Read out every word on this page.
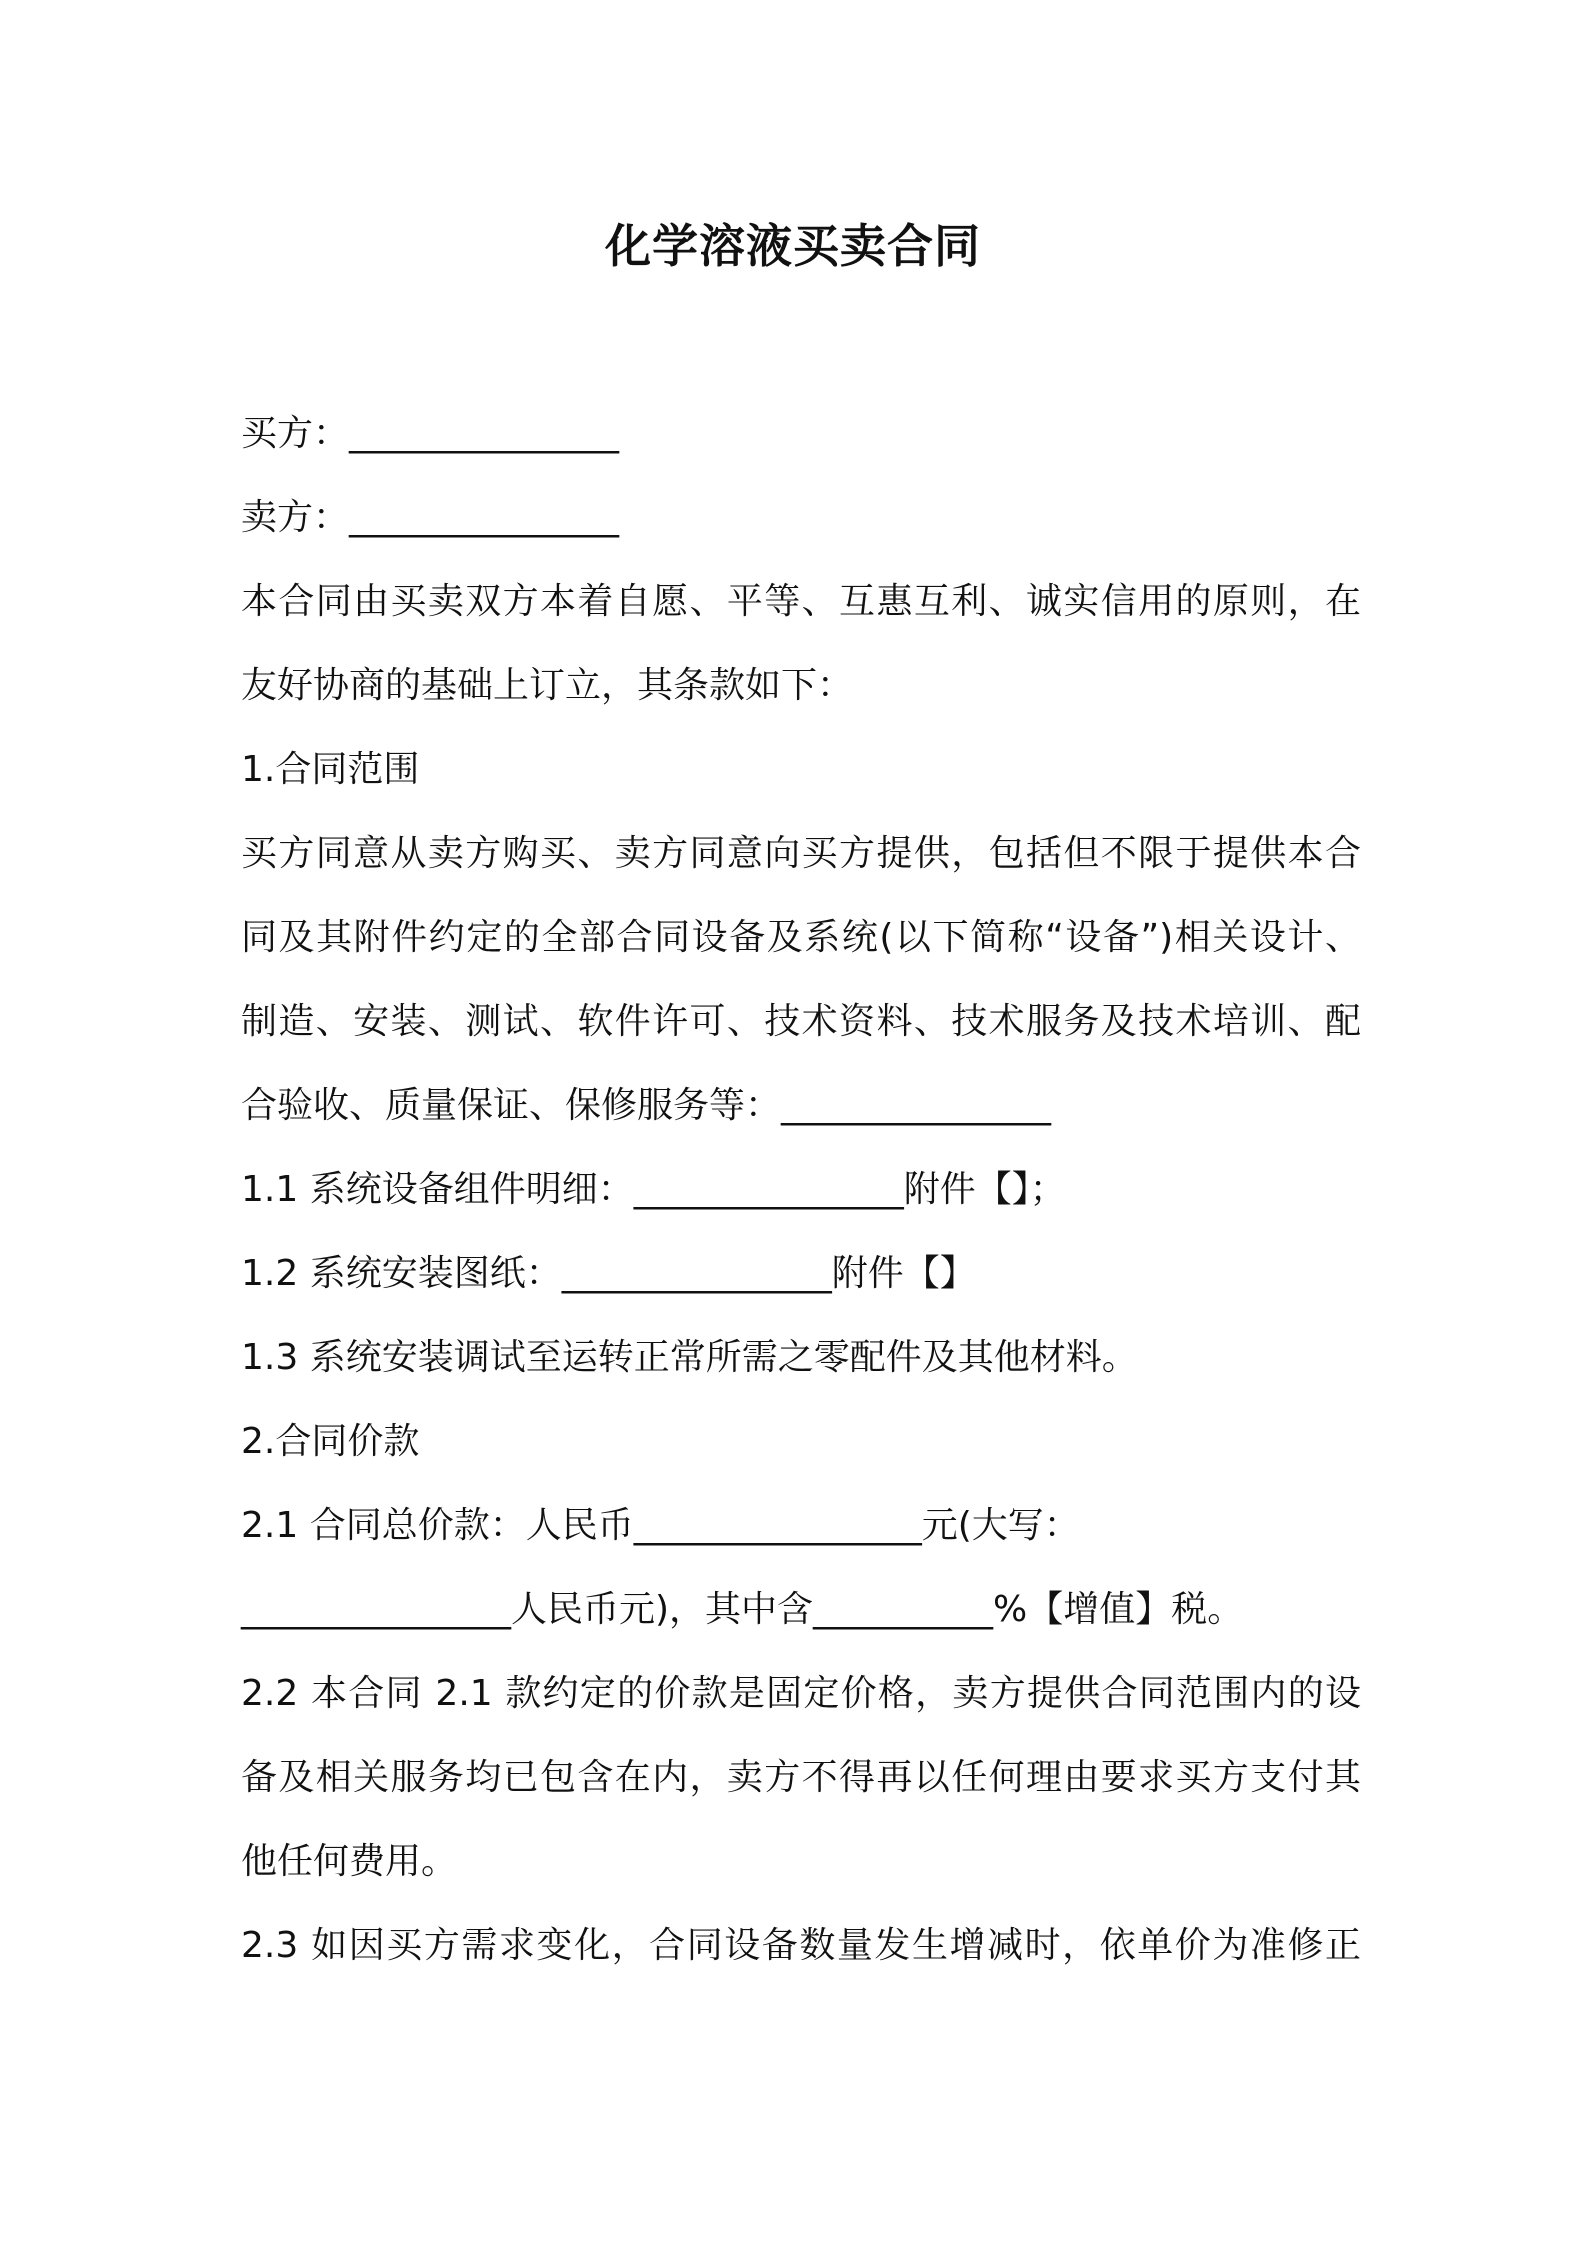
化学溶液买卖合同
买方：_______________
卖方：_______________
本合同由买卖双方本着自愿、平等、互惠互利、诚实信用的原则，在
友好协商的基础上订立，其条款如下：
1.合同范围
买方同意从卖方购买、卖方同意向买方提供，包括但不限于提供本合
同及其附件约定的全部合同设备及系统(以下简称“设备”)相关设计、
制造、安装、测试、软件许可、技术资料、技术服务及技术培训、配
合验收、质量保证、保修服务等：_______________
1.1 系统设备组件明细：_______________附件【】；
1.2 系统安装图纸：_______________附件【】
1.3 系统安装调试至运转正常所需之零配件及其他材料。
2.合同价款
2.1 合同总价款：人民币________________元(大写：
_______________人民币元)，其中含__________%【增值】税。
2.2 本合同 2.1 款约定的价款是固定价格，卖方提供合同范围内的设
备及相关服务均已包含在内，卖方不得再以任何理由要求买方支付其
他任何费用。
2.3 如因买方需求变化，合同设备数量发生增减时，依单价为准修正
